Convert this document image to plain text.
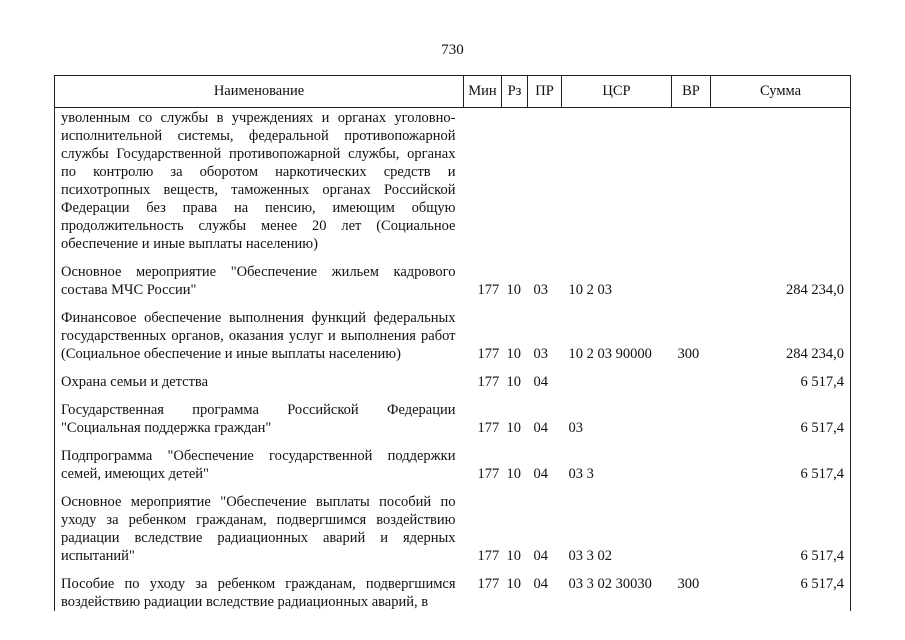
730
Наименование	Мин	Рз	ПР	ЦСР	ВР	Сумма
уволенным со службы в учреждениях и органах уголовно-исполнительной системы, федеральной противопожарной службы Государственной противопожарной службы, органах по контролю за оборотом наркотических средств и психотропных веществ, таможенных органах Российской Федерации без права на пенсию, имеющим общую продолжительность службы менее 20 лет (Социальное обеспечение и иные выплаты населению)						

Основное мероприятие "Обеспечение жильем кадрового состава МЧС России"	177	10	03	10 2 03		284 234,0

Финансовое обеспечение выполнения функций федеральных государственных органов, оказания услуг и выполнения работ (Социальное обеспечение и иные выплаты населению)	177	10	03	10 2 03 90000	300	284 234,0

Охрана семьи и детства	177	10	04			6 517,4

Государственная программа Российской Федерации "Социальная поддержка граждан"	177	10	04	03		6 517,4

Подпрограмма "Обеспечение государственной поддержки семей, имеющих детей"	177	10	04	03 3		6 517,4

Основное мероприятие "Обеспечение выплаты пособий по уходу за ребенком гражданам, подвергшимся воздействию радиации вследствие радиационных аварий и ядерных испытаний"	177	10	04	03 3 02		6 517,4

Пособие по уходу за ребенком гражданам, подвергшимся воздействию радиации вследствие радиационных аварий, в	177	10	04	03 3 02 30030	300	6 517,4
